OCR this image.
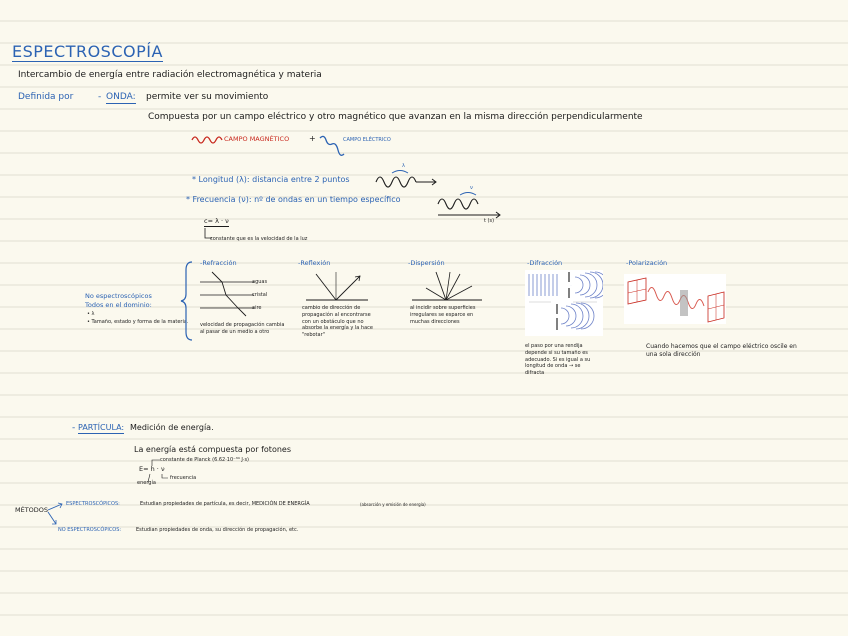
ESPECTROSCOPÍA
Intercambio de energía entre radiación electromagnética y materia
Definida por	- ONDA: permite ver su movimiento
Compuesta por un campo eléctrico y otro magnético que avanzan en la misma dirección perpendicularmente
CAMPO MAGNÉTICO +	CAMPO ELÉCTRICO
* Longitud (λ): distancia entre 2 puntos
λ
* Frecuencia (ν): nº de ondas en un tiempo específico
ν
t (s)
c= λ · ν
constante que es la velocidad de la luz
No espectroscópicos
Todos en el dominio:
• λ
• Tamaño, estado y forma de la materia.
-Refracción
aguas
cristal
aire
velocidad de propagación cambia al pasar de un medio a otro
-Reflexión
cambio de dirección de propagación al encontrarse con un obstáculo que no absorbe la energía y la hace "rebotar"
-Dispersión
al incidir sobre superficies irregulares se esparce en muchas direcciones
-Difracción
el paso por una rendija depende si su tamaño es adecuado. Si es igual a su longitud de onda → se difracta
-Polarización
Cuando hacemos que el campo eléctrico oscile en una sola dirección
- PARTÍCULA: Medición de energía.
La energía está compuesta por fotones
E= h · ν
constante de Planck (6.62·10⁻³⁴ J·s)
frecuencia
energía
MÉTODOS
ESPECTROSCÓPICOS:	Estudian propiedades de partícula, es decir, MEDICIÓN DE ENERGÍA	(absorción y emisión de energía)
NO ESPECTROSCÓPICOS:	Estudian propiedades de onda, su dirección de propagación, etc.
